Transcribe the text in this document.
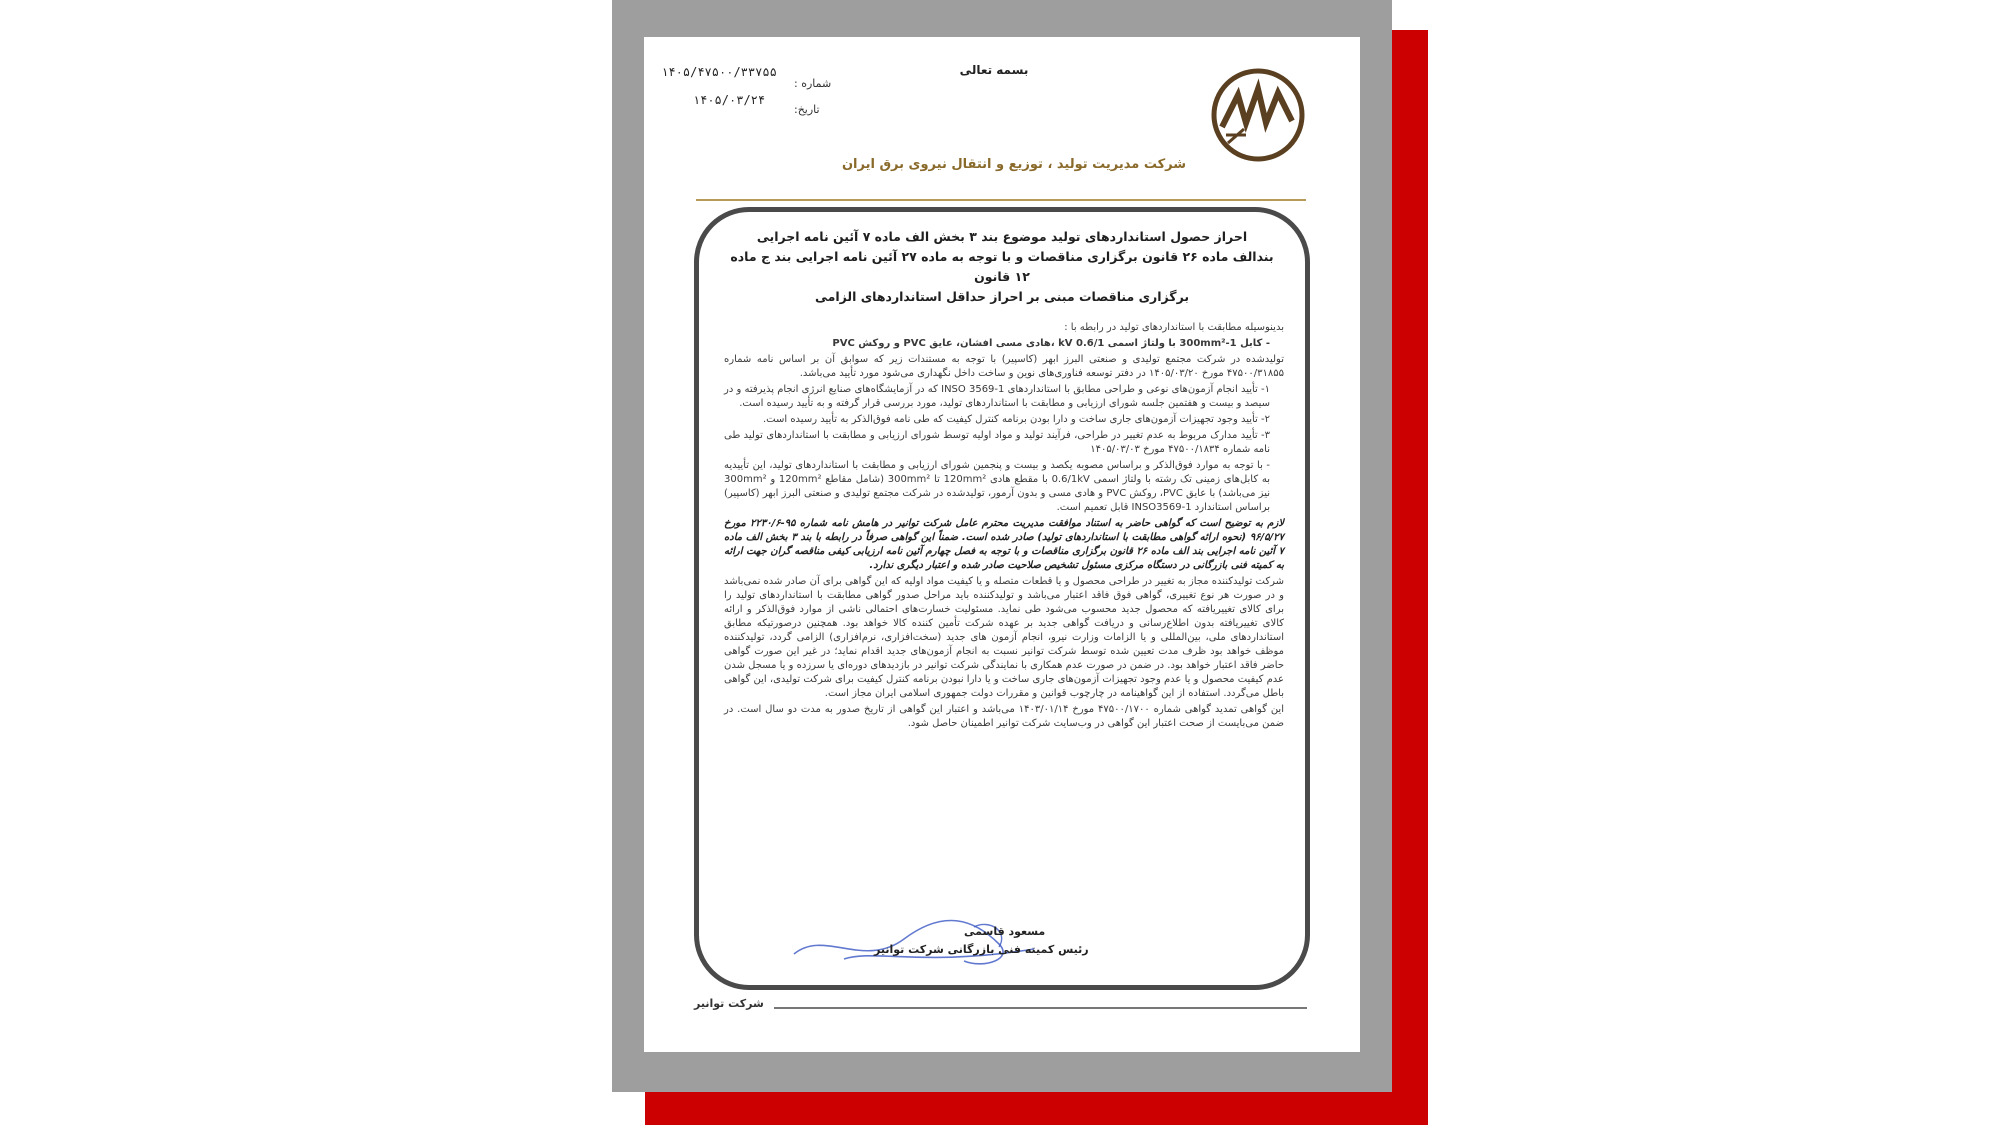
بسمه تعالی
شماره :
۱۴۰۵/۴۷۵۰۰/۳۳۷۵۵
تاریخ:
۱۴۰۵/۰۳/۲۴
شرکت مدیریت تولید ، توزیع و انتقال نیروی برق ایران
احراز حصول استانداردهای تولید موضوع بند ۳ بخش الف ماده ۷ آئین نامه اجرایی
بندالف ماده ۲۶ قانون برگزاری مناقصات و با توجه به ماده ۲۷ آئین نامه اجرایی بند ج ماده ۱۲ قانون
برگزاری مناقصات مبنی بر احراز حداقل استانداردهای الزامی

بدینوسیله مطابقت با استانداردهای تولید در رابطه با :

- کابل 1-300mm² با ولتاژ اسمی 0.6/1 kV ،هادی مسی افشان، عایق PVC و روکش PVC

تولیدشده در شرکت مجتمع تولیدی و صنعتی البرز ابهر (کاسپیر) با توجه به مستندات زیر که سوابق آن بر اساس نامه شماره ۴۷۵۰۰/۳۱۸۵۵ مورخ ۱۴۰۵/۰۳/۲۰ در دفتر توسعه فناوری‌های نوین و ساخت داخل نگهداری می‌شود مورد تأیید می‌باشد.

۱- تأیید انجام آزمون‌های نوعی و طراحی مطابق با استانداردهای INSO 3569-1 که در آزمایشگاه‌های صنایع انرژی انجام پذیرفته و در سیصد و بیست و هفتمین جلسه شورای ارزیابی و مطابقت با استانداردهای تولید، مورد بررسی قرار گرفته و به تأیید رسیده است.

۲- تأیید وجود تجهیزات آزمون‌های جاری ساخت و دارا بودن برنامه کنترل کیفیت که طی نامه فوق‌الذکر به تأیید رسیده است.

۳- تأیید مدارک مربوط به عدم تغییر در طراحی، فرآیند تولید و مواد اولیه توسط شورای ارزیابی و مطابقت با استانداردهای تولید طی نامه شماره ۴۷۵۰۰/۱۸۳۴ مورخ ۱۴۰۵/۰۳/۰۳

- با توجه به موارد فوق‌الذکر و براساس مصوبه یکصد و بیست و پنجمین شورای ارزیابی و مطابقت با استانداردهای تولید، این تأییدیه به کابل‌های زمینی تک رشته با ولتاژ اسمی 0.6/1kV با مقطع هادی 120mm² تا 300mm² (شامل مقاطع 120mm² و 300mm² نیز می‌باشد) با عایق PVC، روکش PVC و هادی مسی و بدون آرمور، تولیدشده در شرکت مجتمع تولیدی و صنعتی البرز ابهر (کاسپیر) براساس استاندارد INSO3569-1 قابل تعمیم است.

لازم به توضیح است که گواهی حاضر به استناد موافقت مدیریت محترم عامل شرکت توانیر در هامش نامه شماره ۹۵-۲۲۳۰/۶ مورخ ۹۶/۵/۲۷ (نحوه ارائه گواهی مطابقت با استانداردهای تولید) صادر شده است. ضمناً این گواهی صرفاً در رابطه با بند ۳ بخش الف ماده ۷ آئین نامه اجرایی بند الف ماده ۲۶ قانون برگزاری مناقصات و با توجه به فصل چهارم آئین نامه ارزیابی کیفی مناقصه گران جهت ارائه به کمیته فنی بازرگانی در دستگاه مرکزی مسئول تشخیص صلاحیت صادر شده و اعتبار دیگری ندارد.

شرکت تولیدکننده مجاز به تغییر در طراحی محصول و یا قطعات متصله و یا کیفیت مواد اولیه که این گواهی برای آن صادر شده نمی‌باشد و در صورت هر نوع تغییری، گواهی فوق فاقد اعتبار می‌باشد و تولیدکننده باید مراحل صدور گواهی مطابقت با استانداردهای تولید را برای کالای تغییریافته که محصول جدید محسوب می‌شود طی نماید. مسئولیت خسارت‌های احتمالی ناشی از موارد فوق‌الذکر و ارائه کالای تغییریافته بدون اطلاع‌رسانی و دریافت گواهی جدید بر عهده شرکت تأمین کننده کالا خواهد بود. همچنین درصورتیکه مطابق استانداردهای ملی، بین‌المللی و یا الزامات وزارت نیرو، انجام آزمون های جدید (سخت‌افزاری، نرم‌افزاری) الزامی گردد، تولیدکننده موظف خواهد بود ظرف مدت تعیین شده توسط شرکت توانیر نسبت به انجام آزمون‌های جدید اقدام نماید؛ در غیر این صورت گواهی حاضر فاقد اعتبار خواهد بود. در ضمن در صورت عدم همکاری با نمایندگی شرکت توانیر در بازدیدهای دوره‌ای یا سرزده و یا مسجل شدن عدم کیفیت محصول و یا عدم وجود تجهیزات آزمون‌های جاری ساخت و یا دارا نبودن برنامه کنترل کیفیت برای شرکت تولیدی، این گواهی باطل می‌گردد. استفاده از این گواهینامه در چارچوب قوانین و مقررات دولت جمهوری اسلامی ایران مجاز است.

این گواهی تمدید گواهی شماره ۴۷۵۰۰/۱۷۰۰ مورخ ۱۴۰۳/۰۱/۱۴ می‌باشد و اعتبار این گواهی از تاریخ صدور به مدت دو سال است. در ضمن می‌بایست از صحت اعتبار این گواهی در وب‌سایت شرکت توانیر اطمینان حاصل شود.

مسعود قاسمی
رئیس کمیته فنی بازرگانی شرکت توانیر
شرکت توانیر
